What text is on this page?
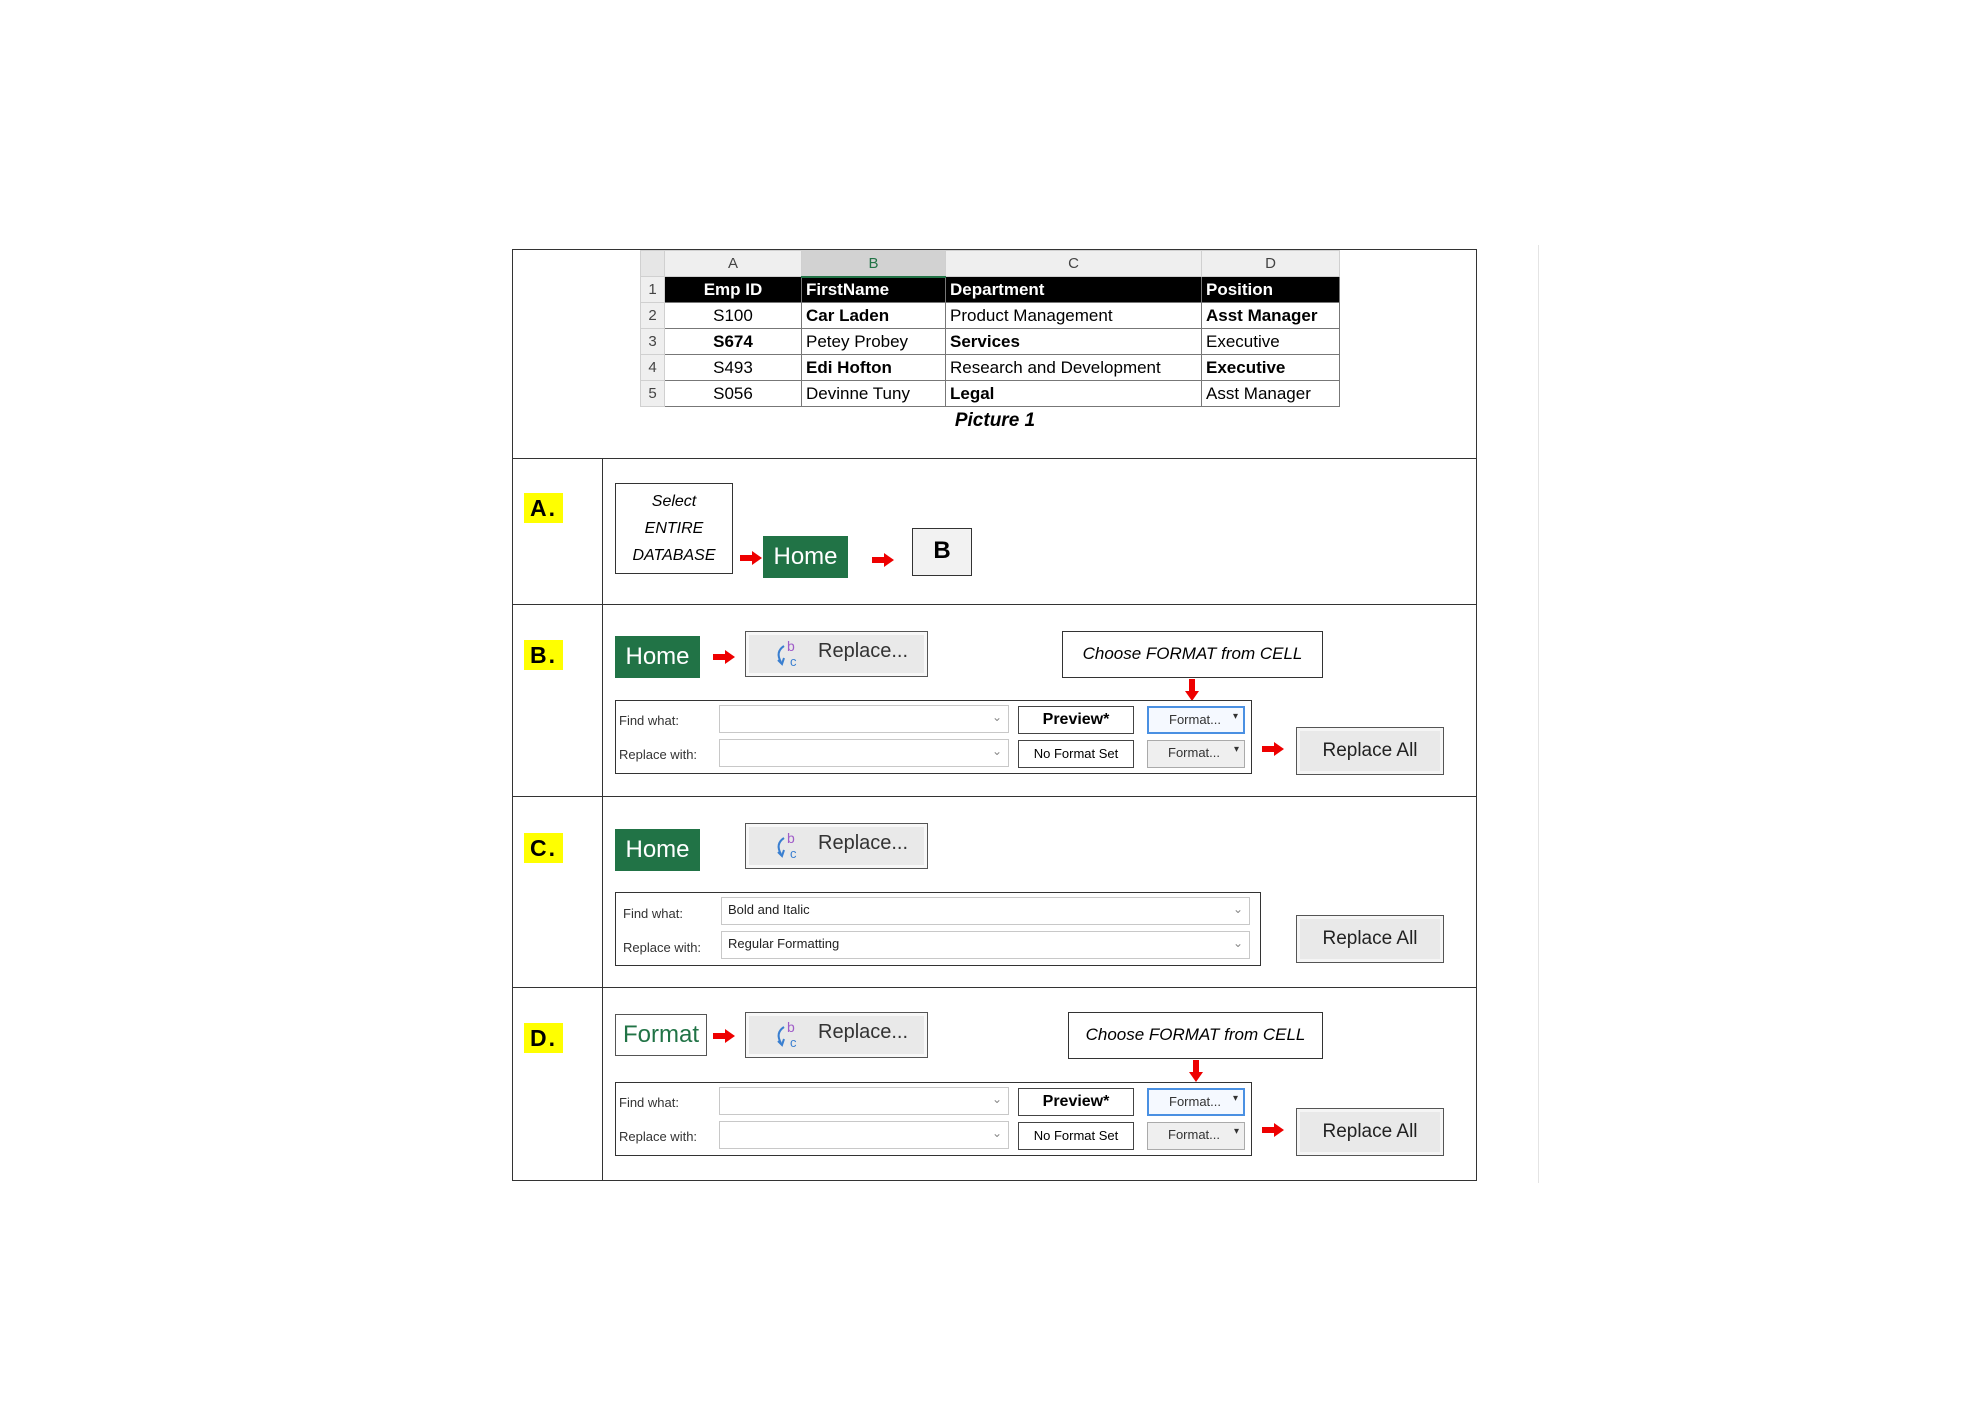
	A	B	C	D
1	Emp ID	FirstName	Department	Position
2	S100	Car Laden	Product Management	Asst Manager
3	S674	Petey Probey	Services	Executive
4	S493	Edi Hofton	Research and Development	Executive
5	S056	Devinne Tuny	Legal	Asst Manager
Picture 1
A.	Select
ENTIRE
DATABASE	Home	B
B.	Home	Replace...	Choose FORMAT from CELL
Find what:
Replace with:
⌄
⌄
Preview*
No Format Set
Format... ▾
Format... ▾	Replace All
C.	Home	Replace...
Find what:
Replace with:
Bold and Italic	⌄
Regular Formatting	⌄	Replace All
D.	Format	Replace...	Choose FORMAT from CELL
Find what:
Replace with:
⌄
⌄
Preview*
No Format Set
Format... ▾
Format... ▾	Replace All
